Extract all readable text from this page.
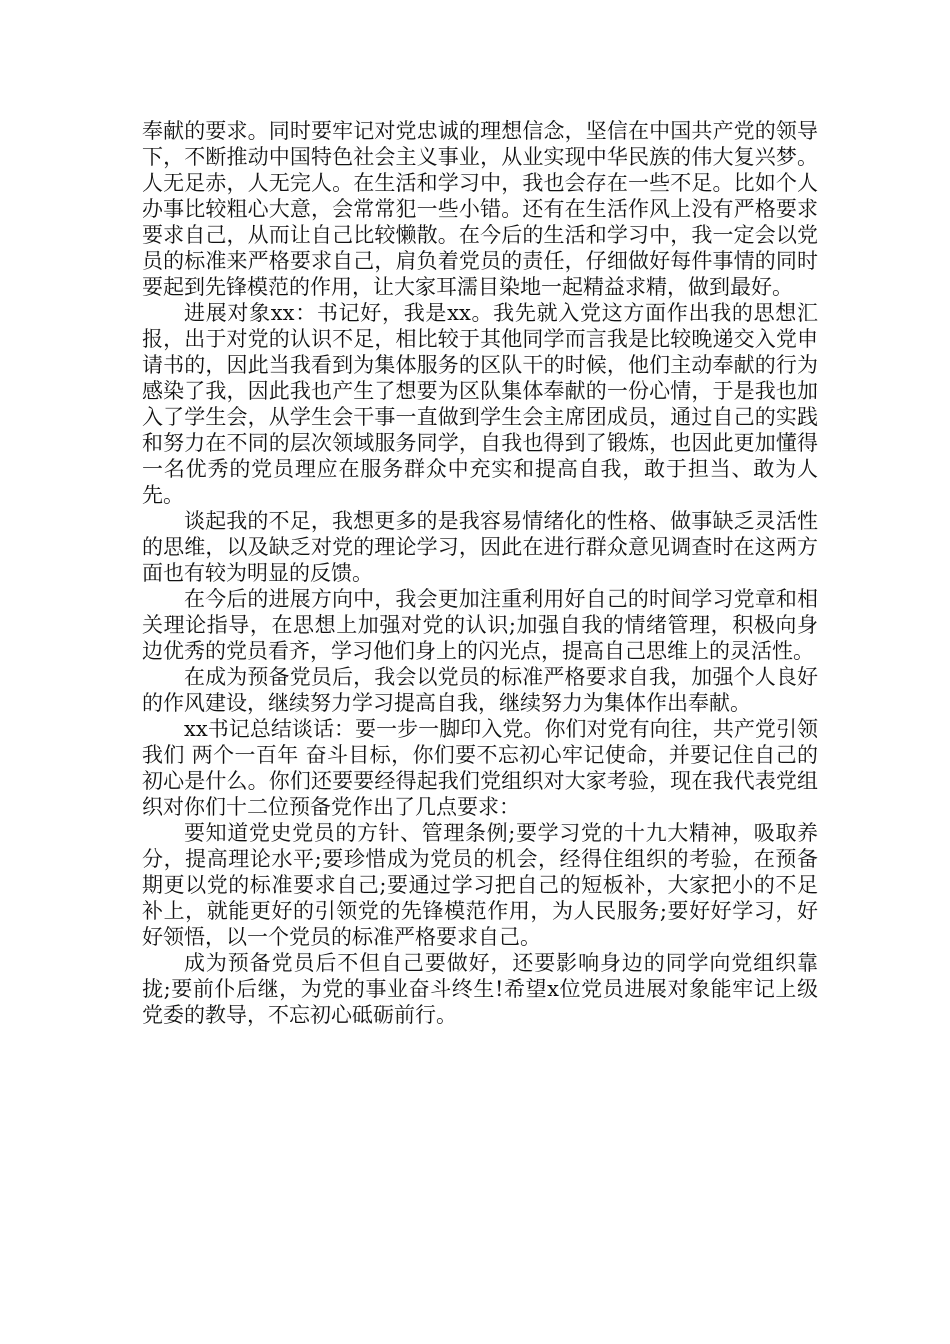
奉献的要求。同时要牢记对党忠诚的理想信念，坚信在中国共产党的领导下，不断推动中国特色社会主义事业，从业实现中华民族的伟大复兴梦。人无足赤，人无完人。在生活和学习中，我也会存在一些不足。比如个人办事比较粗心大意，会常常犯一些小错。还有在生活作风上没有严格要求要求自己，从而让自己比较懒散。在今后的生活和学习中，我一定会以党员的标准来严格要求自己，肩负着党员的责任，仔细做好每件事情的同时要起到先锋模范的作用，让大家耳濡目染地一起精益求精，做到最好。

进展对象xx：书记好，我是xx。我先就入党这方面作出我的思想汇报，出于对党的认识不足，相比较于其他同学而言我是比较晚递交入党申请书的，因此当我看到为集体服务的区队干的时候，他们主动奉献的行为感染了我，因此我也产生了想要为区队集体奉献的一份心情，于是我也加入了学生会，从学生会干事一直做到学生会主席团成员，通过自己的实践和努力在不同的层次领域服务同学，自我也得到了锻炼，也因此更加懂得一名优秀的党员理应在服务群众中充实和提高自我，敢于担当、敢为人先。

谈起我的不足，我想更多的是我容易情绪化的性格、做事缺乏灵活性的思维，以及缺乏对党的理论学习，因此在进行群众意见调查时在这两方面也有较为明显的反馈。

在今后的进展方向中，我会更加注重利用好自己的时间学习党章和相关理论指导，在思想上加强对党的认识;加强自我的情绪管理，积极向身边优秀的党员看齐，学习他们身上的闪光点，提高自己思维上的灵活性。

在成为预备党员后，我会以党员的标准严格要求自我，加强个人良好的作风建设，继续努力学习提高自我，继续努力为集体作出奉献。

xx书记总结谈话：要一步一脚印入党。你们对党有向往，共产党引领我们 两个一百年 奋斗目标，你们要不忘初心牢记使命，并要记住自己的初心是什么。你们还要要经得起我们党组织对大家考验，现在我代表党组织对你们十二位预备党作出了几点要求：

要知道党史党员的方针、管理条例;要学习党的十九大精神，吸取养分，提高理论水平;要珍惜成为党员的机会，经得住组织的考验，在预备期更以党的标准要求自己;要通过学习把自己的短板补，大家把小的不足补上，就能更好的引领党的先锋模范作用，为人民服务;要好好学习，好好领悟，以一个党员的标准严格要求自己。

成为预备党员后不但自己要做好，还要影响身边的同学向党组织靠拢;要前仆后继，为党的事业奋斗终生!希望x位党员进展对象能牢记上级党委的教导，不忘初心砥砺前行。
